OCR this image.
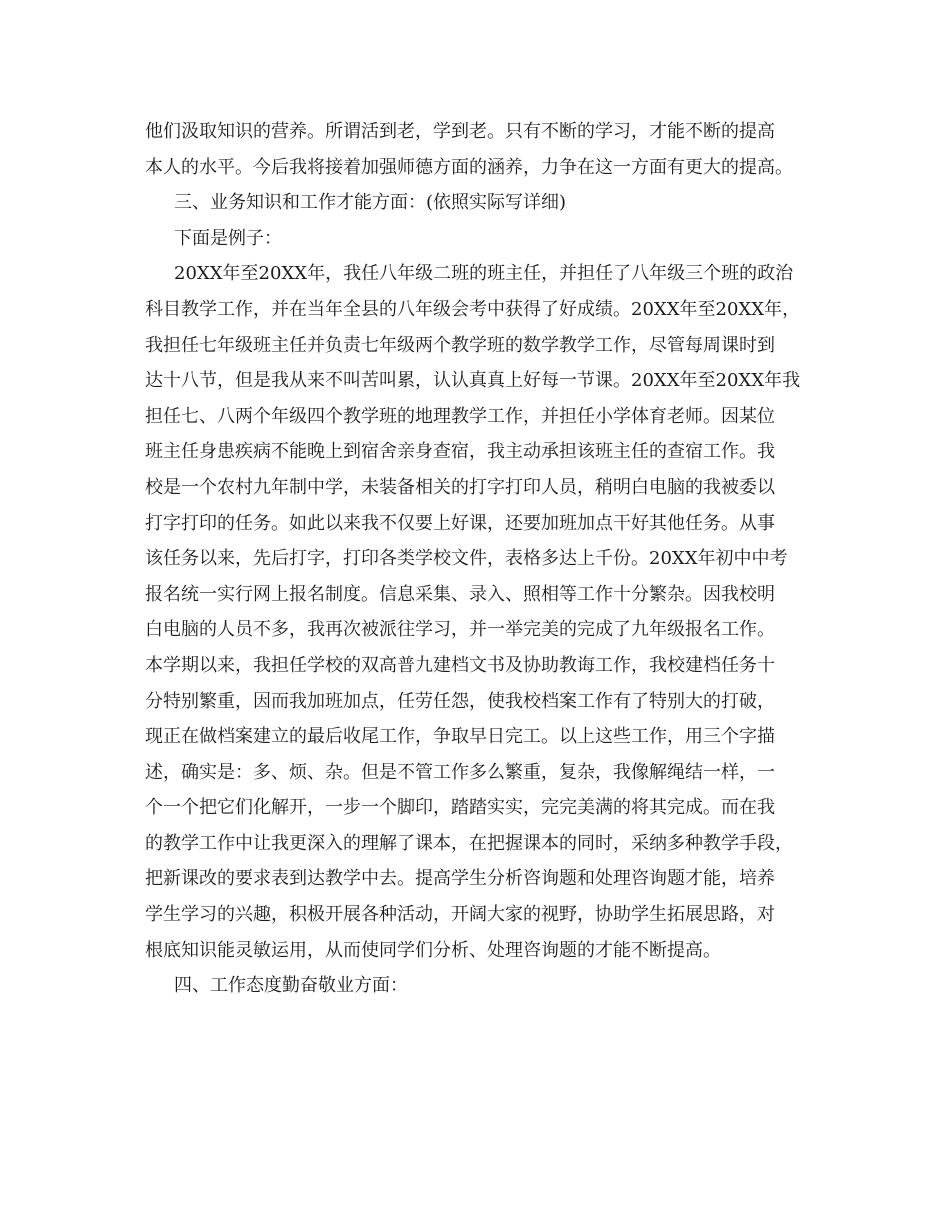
他们汲取知识的营养。所谓活到老，学到老。只有不断的学习，才能不断的提高
本人的水平。今后我将接着加强师德方面的涵养，力争在这一方面有更大的提高。
三、业务知识和工作才能方面：(依照实际写详细)
下面是例子：
20XX年至20XX年，我任八年级二班的班主任，并担任了八年级三个班的政治
科目教学工作，并在当年全县的八年级会考中获得了好成绩。20XX年至20XX年，
我担任七年级班主任并负责七年级两个教学班的数学教学工作，尽管每周课时到
达十八节，但是我从来不叫苦叫累，认认真真上好每一节课。20XX年至20XX年我
担任七、八两个年级四个教学班的地理教学工作，并担任小学体育老师。因某位
班主任身患疾病不能晚上到宿舍亲身查宿，我主动承担该班主任的查宿工作。我
校是一个农村九年制中学，未装备相关的打字打印人员，稍明白电脑的我被委以
打字打印的任务。如此以来我不仅要上好课，还要加班加点干好其他任务。从事
该任务以来，先后打字，打印各类学校文件，表格多达上千份。20XX年初中中考
报名统一实行网上报名制度。信息采集、录入、照相等工作十分繁杂。因我校明
白电脑的人员不多，我再次被派往学习，并一举完美的完成了九年级报名工作。
本学期以来，我担任学校的双高普九建档文书及协助教诲工作，我校建档任务十
分特别繁重，因而我加班加点，任劳任怨，使我校档案工作有了特别大的打破，
现正在做档案建立的最后收尾工作，争取早日完工。以上这些工作，用三个字描
述，确实是：多、烦、杂。但是不管工作多么繁重，复杂，我像解绳结一样，一
个一个把它们化解开，一步一个脚印，踏踏实实，完完美满的将其完成。而在我
的教学工作中让我更深入的理解了课本，在把握课本的同时，采纳多种教学手段，
把新课改的要求表到达教学中去。提高学生分析咨询题和处理咨询题才能，培养
学生学习的兴趣，积极开展各种活动，开阔大家的视野，协助学生拓展思路，对
根底知识能灵敏运用，从而使同学们分析、处理咨询题的才能不断提高。
四、工作态度勤奋敬业方面：
